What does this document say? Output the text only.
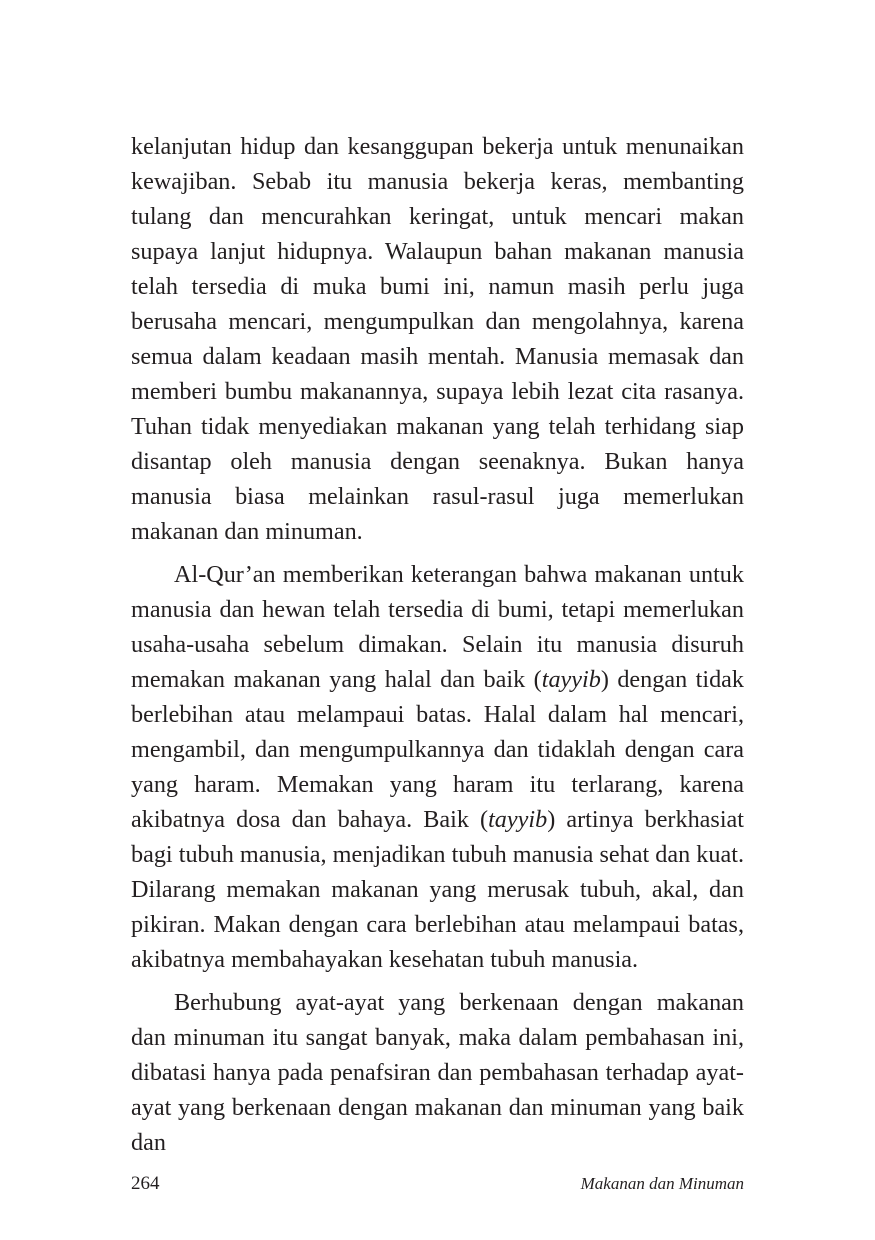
kelanjutan hidup dan kesanggupan bekerja untuk menunaikan kewajiban. Sebab itu manusia bekerja keras, membanting tulang dan mencurahkan keringat, untuk mencari makan supaya lanjut hidupnya. Walaupun bahan makanan manusia telah tersedia di muka bumi ini, namun masih perlu juga berusaha mencari, mengumpulkan dan mengolahnya, karena semua dalam keadaan masih mentah. Manusia memasak dan memberi bumbu makanannya, supaya lebih lezat cita rasanya. Tuhan tidak menyediakan makanan yang telah terhidang siap disantap oleh manusia dengan seenaknya. Bukan hanya manusia biasa melainkan rasul-rasul juga memerlukan makanan dan minuman.

Al-Qur’an memberikan keterangan bahwa makanan untuk manusia dan hewan telah tersedia di bumi, tetapi memerlukan usaha-usaha sebelum dimakan. Selain itu manusia disuruh memakan makanan yang halal dan baik (tayyib) dengan tidak berlebihan atau melampaui batas. Halal dalam hal mencari, mengambil, dan mengumpulkannya dan tidaklah dengan cara yang haram. Memakan yang haram itu terlarang, karena akibatnya dosa dan bahaya. Baik (tayyib) artinya berkhasiat bagi tubuh manusia, menjadikan tubuh manusia sehat dan kuat. Dilarang memakan makanan yang merusak tubuh, akal, dan pikiran. Makan dengan cara berlebihan atau melampaui batas, akibatnya membahayakan kesehatan tubuh manusia.

Berhubung ayat-ayat yang berkenaan dengan makanan dan minuman itu sangat banyak, maka dalam pembahasan ini, dibatasi hanya pada penafsiran dan pembahasan terhadap ayat-ayat yang berkenaan dengan makanan dan minuman yang baik dan

264	Makanan dan Minuman
